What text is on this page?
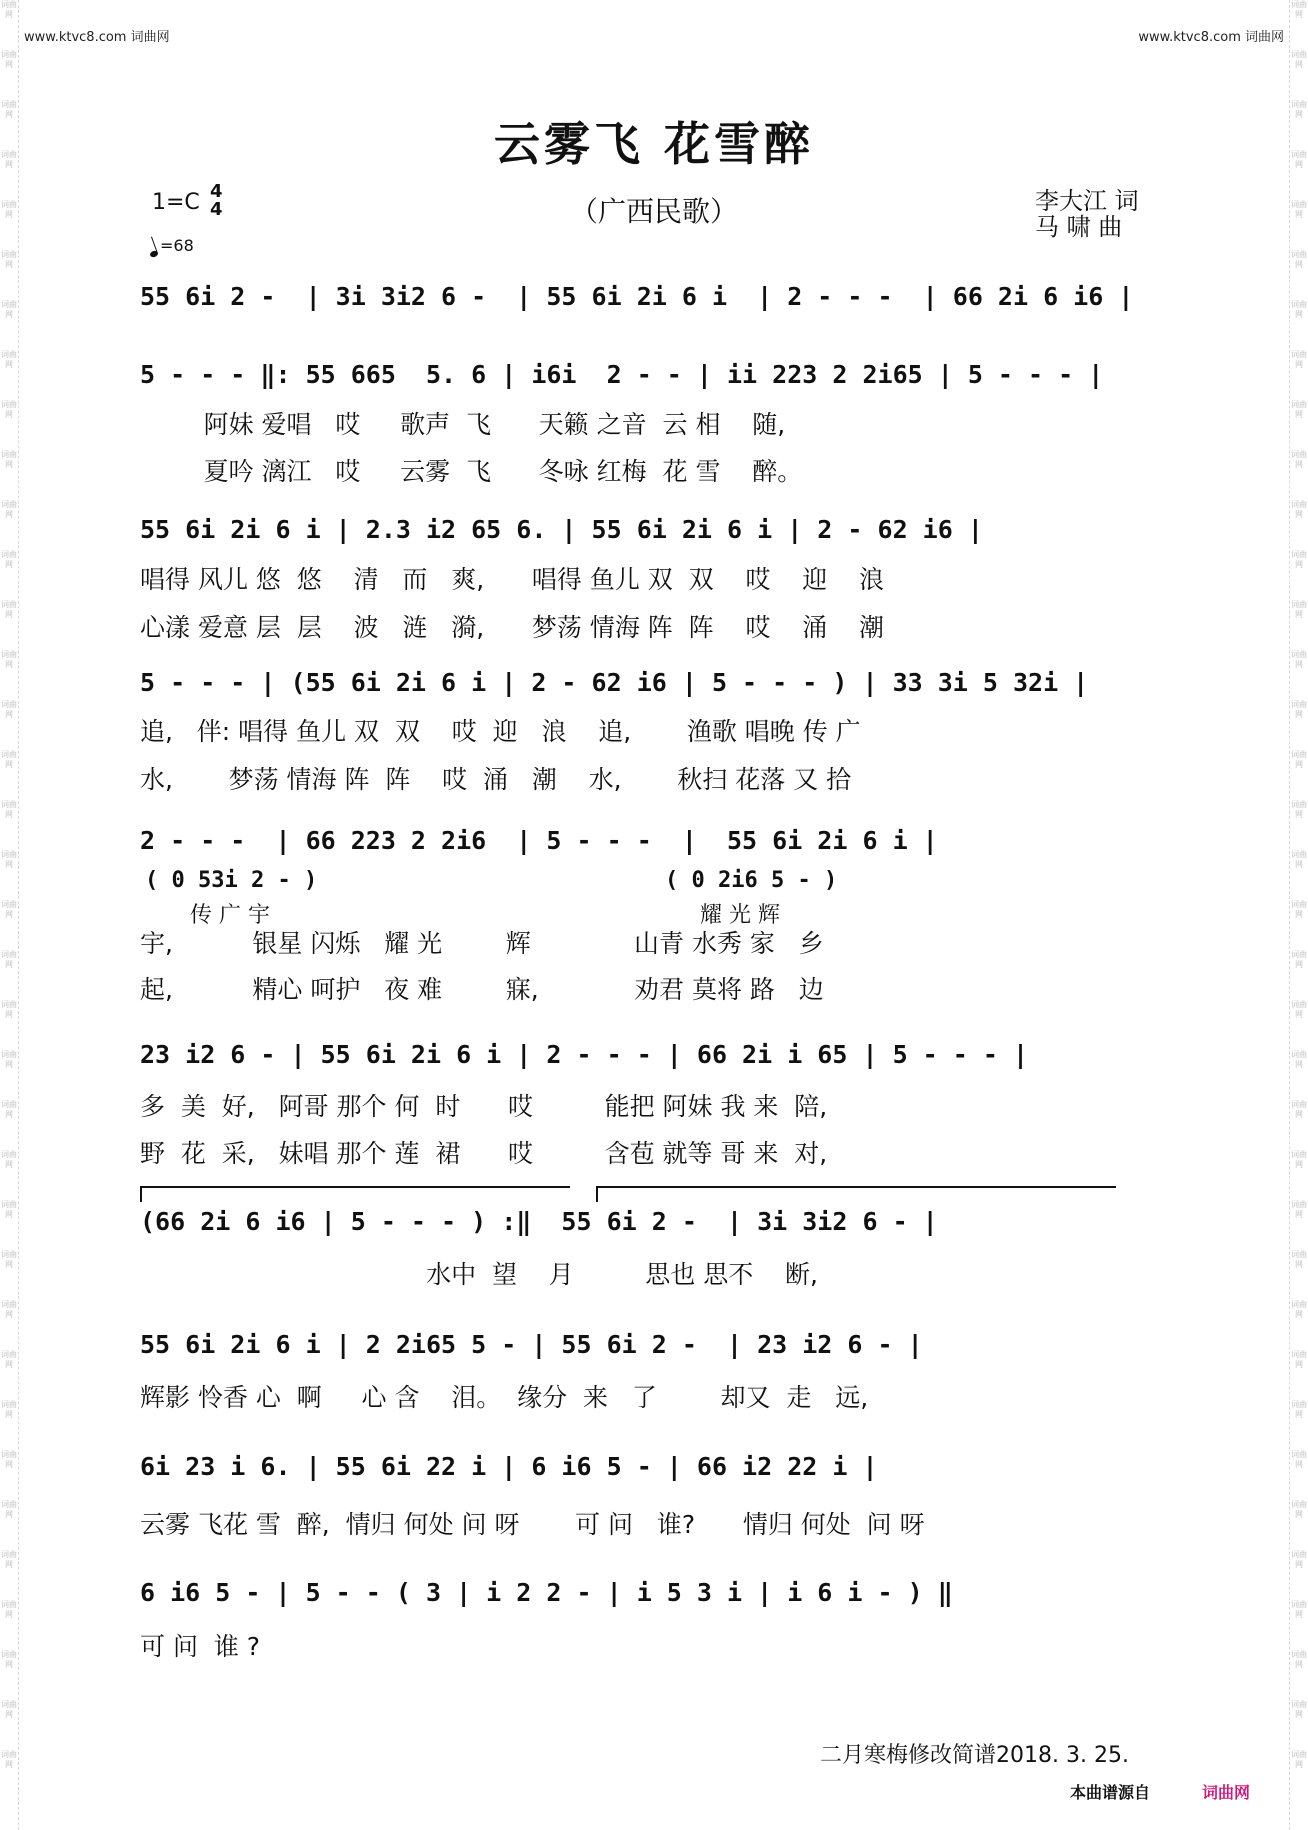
词曲网
词曲网
词曲网
词曲网
词曲网
词曲网
词曲网
词曲网
词曲网
词曲网
词曲网
词曲网
词曲网
词曲网
词曲网
词曲网
词曲网
词曲网
词曲网
词曲网
词曲网
词曲网
词曲网
词曲网
词曲网
词曲网
词曲网
词曲网
词曲网
词曲网
词曲网
词曲网
词曲网
词曲网
词曲网
词曲网
词曲网
词曲网
词曲网
词曲网
词曲网
词曲网
词曲网
词曲网
词曲网
词曲网
词曲网
词曲网
词曲网
词曲网
词曲网
词曲网
词曲网
词曲网
词曲网
词曲网
词曲网
词曲网
词曲网
词曲网
词曲网
词曲网
词曲网
词曲网
词曲网
词曲网
词曲网
词曲网
词曲网
词曲网
词曲网
词曲网
www.ktvc8.com 词曲网	www.ktvc8.com 词曲网
云雾飞 花雪醉
1=C 4
4
=68
（广西民歌）	李大江 词
马 啸 曲
55 6i 2 -  | 3i 3i2 6 -  | 55 6i 2i 6 i  | 2 - - -  | 66 2i 6 i6 |
5 - - - ‖: 55 665  5. 6 | i6i  2 - - | ii 223 2 2i65 | 5 - - - |
阿妹 爱唱   哎     歌声  飞      天籁 之音  云 相    随,
夏吟 漓江   哎     云雾  飞      冬咏 红梅  花 雪    醉。
55 6i 2i 6 i | 2.3 i2 65 6. | 55 6i 2i 6 i | 2 - 62 i6 |
唱得 风儿 悠  悠    清   而   爽,      唱得 鱼儿 双  双    哎    迎    浪
心漾 爱意 层  层    波   涟   漪,      梦荡 情海 阵  阵    哎    涌    潮
5 - - - | (55 6i 2i 6 i | 2 - 62 i6 | 5 - - - ) | 33 3i 5 32i |
追,   伴: 唱得 鱼儿 双  双    哎  迎   浪    追,       渔歌 唱晚 传 广
水,       梦荡 情海 阵  阵    哎  涌   潮    水,       秋扫 花落 又 拾
2 - - -  | 66 223 2 2i6  | 5 - - -  |  55 6i 2i 6 i |
( 0 53i 2 - )
传 广 宇
( 0 2i6 5 - )
耀 光 辉
宇,          银星 闪烁   耀 光        辉             山青 水秀 家   乡
起,          精心 呵护   夜 难        寐,            劝君 莫将 路   边
23 i2 6 - | 55 6i 2i 6 i | 2 - - - | 66 2i i 65 | 5 - - - |
多  美  好,   阿哥 那个 何  时      哎         能把 阿妹 我 来  陪,
野  花  采,   妹唱 那个 莲  裙      哎         含苞 就等 哥 来  对,
(66 2i 6 i6 | 5 - - - ) :‖  55 6i 2 -  | 3i 3i2 6 - |
水中  望    月         思也 思不    断,
55 6i 2i 6 i | 2 2i65 5 - | 55 6i 2 -  | 23 i2 6 - |
辉影 怜香 心  啊     心 含    泪。  缘分  来   了        却又  走   远,
6i 23 i 6. | 55 6i 22 i | 6 i6 5 - | 66 i2 22 i |
云雾 飞花 雪  醉,  情归 何处 问 呀       可 问   谁?      情归 何处  问 呀
6 i6 5 - | 5 - - ( 3 | i 2 2 - | i 5 3 i | i 6 i - ) ‖
可 问  谁 ?
二月寒梅修改简谱2018. 3. 25.
本曲谱源自	词曲网
